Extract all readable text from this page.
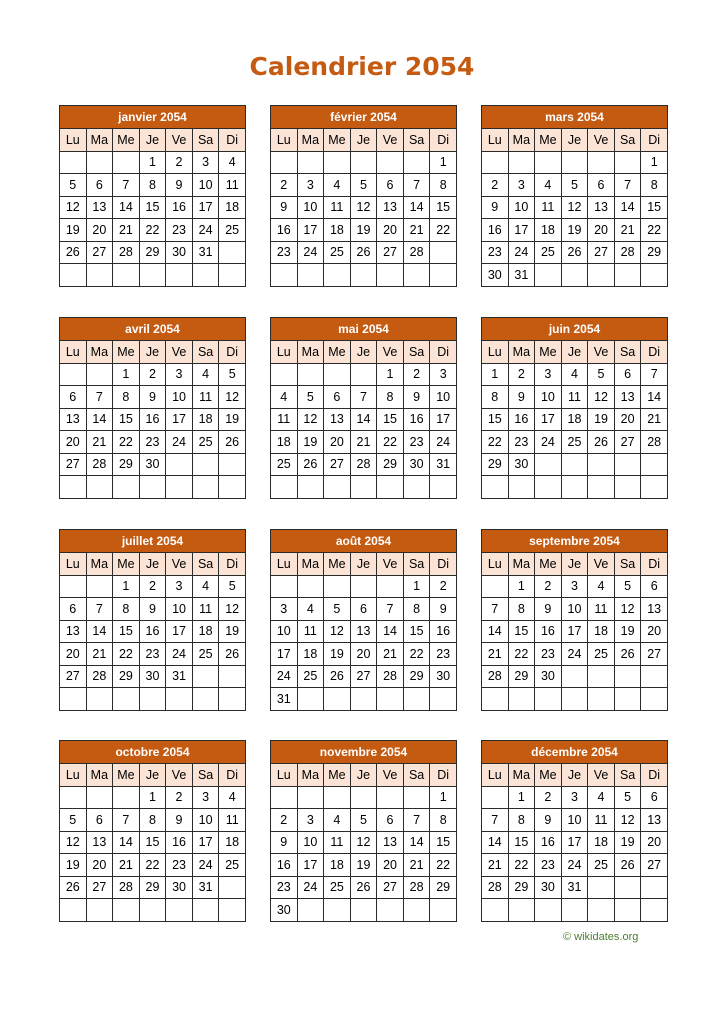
Calendrier 2054
janvier 2054						
Lu	Ma	Me	Je	Ve	Sa	Di
			1	2	3	4
5	6	7	8	9	10	11
12	13	14	15	16	17	18
19	20	21	22	23	24	25
26	27	28	29	30	31	

février 2054						
Lu	Ma	Me	Je	Ve	Sa	Di
						1
2	3	4	5	6	7	8
9	10	11	12	13	14	15
16	17	18	19	20	21	22
23	24	25	26	27	28	

mars 2054						
Lu	Ma	Me	Je	Ve	Sa	Di
						1
2	3	4	5	6	7	8
9	10	11	12	13	14	15
16	17	18	19	20	21	22
23	24	25	26	27	28	29
30	31					
avril 2054						
Lu	Ma	Me	Je	Ve	Sa	Di
		1	2	3	4	5
6	7	8	9	10	11	12
13	14	15	16	17	18	19
20	21	22	23	24	25	26
27	28	29	30			

mai 2054						
Lu	Ma	Me	Je	Ve	Sa	Di
				1	2	3
4	5	6	7	8	9	10
11	12	13	14	15	16	17
18	19	20	21	22	23	24
25	26	27	28	29	30	31

juin 2054						
Lu	Ma	Me	Je	Ve	Sa	Di
1	2	3	4	5	6	7
8	9	10	11	12	13	14
15	16	17	18	19	20	21
22	23	24	25	26	27	28
29	30					

juillet 2054						
Lu	Ma	Me	Je	Ve	Sa	Di
		1	2	3	4	5
6	7	8	9	10	11	12
13	14	15	16	17	18	19
20	21	22	23	24	25	26
27	28	29	30	31		

août 2054						
Lu	Ma	Me	Je	Ve	Sa	Di
					1	2
3	4	5	6	7	8	9
10	11	12	13	14	15	16
17	18	19	20	21	22	23
24	25	26	27	28	29	30
31						
septembre 2054						
Lu	Ma	Me	Je	Ve	Sa	Di
	1	2	3	4	5	6
7	8	9	10	11	12	13
14	15	16	17	18	19	20
21	22	23	24	25	26	27
28	29	30				

octobre 2054						
Lu	Ma	Me	Je	Ve	Sa	Di
			1	2	3	4
5	6	7	8	9	10	11
12	13	14	15	16	17	18
19	20	21	22	23	24	25
26	27	28	29	30	31	

novembre 2054						
Lu	Ma	Me	Je	Ve	Sa	Di
						1
2	3	4	5	6	7	8
9	10	11	12	13	14	15
16	17	18	19	20	21	22
23	24	25	26	27	28	29
30						
décembre 2054						
Lu	Ma	Me	Je	Ve	Sa	Di
	1	2	3	4	5	6
7	8	9	10	11	12	13
14	15	16	17	18	19	20
21	22	23	24	25	26	27
28	29	30	31			

© wikidates.org
